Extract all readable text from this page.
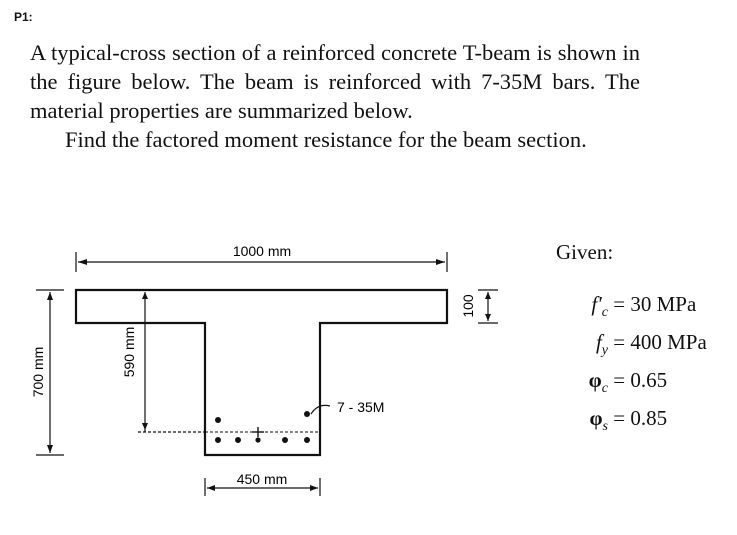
P1:

A typical-cross section of a reinforced concrete T-beam is shown in the figure below. The beam is reinforced with 7-35M bars. The material properties are summarized below.

Find the factored moment resistance for the beam section.

1000 mm
100
700 mm	590 mm
7 - 35M
450 mm
Given:
$f'_c = 30$ MPa
$f_y = 400$ MPa
$\varphi_c = 0.65$
$\varphi_s = 0.85$
